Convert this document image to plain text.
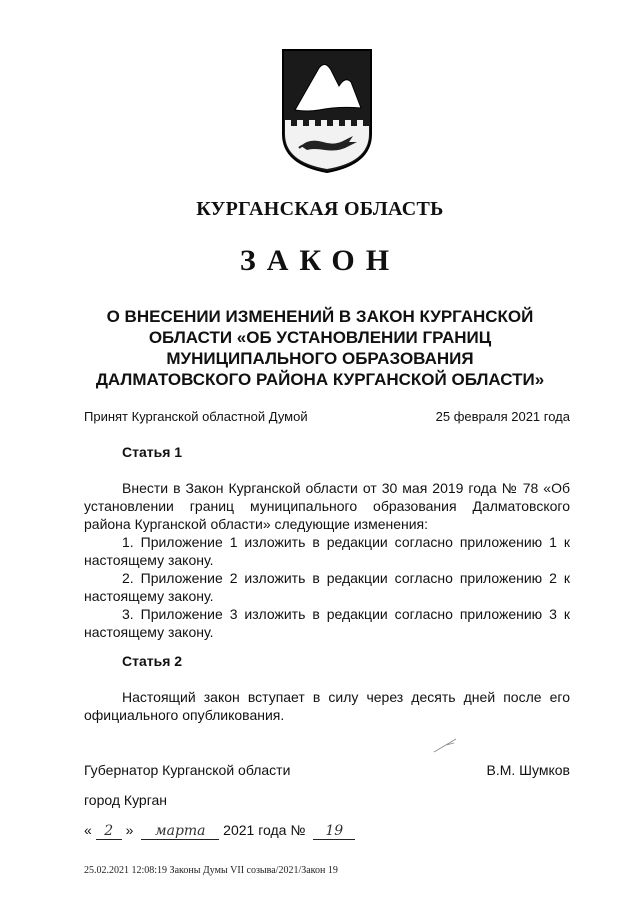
КУРГАНСКАЯ ОБЛАСТЬ
ЗАКОН
О ВНЕСЕНИИ ИЗМЕНЕНИЙ В ЗАКОН КУРГАНСКОЙ
ОБЛАСТИ «ОБ УСТАНОВЛЕНИИ ГРАНИЦ
МУНИЦИПАЛЬНОГО ОБРАЗОВАНИЯ
ДАЛМАТОВСКОГО РАЙОНА КУРГАНСКОЙ ОБЛАСТИ»
Принят Курганской областной Думой	25 февраля 2021 года
Статья 1

Внести в Закон Курганской области от 30 мая 2019 года № 78 «Об установлении границ муниципального образования Далматовского района Курганской области» следующие изменения:

1. Приложение 1 изложить в редакции согласно приложению 1 к настоящему закону.

2. Приложение 2 изложить в редакции согласно приложению 2 к настоящему закону.

3. Приложение 3 изложить в редакции согласно приложению 3 к настоящему закону.

Статья 2

Настоящий закон вступает в силу через десять дней после его официального опубликования.

Губернатор Курганской области	В.М. Шумков
город Курган
« 2 » марта 2021 года № 19
25.02.2021 12:08:19 Законы Думы VII созыва/2021/Закон 19
